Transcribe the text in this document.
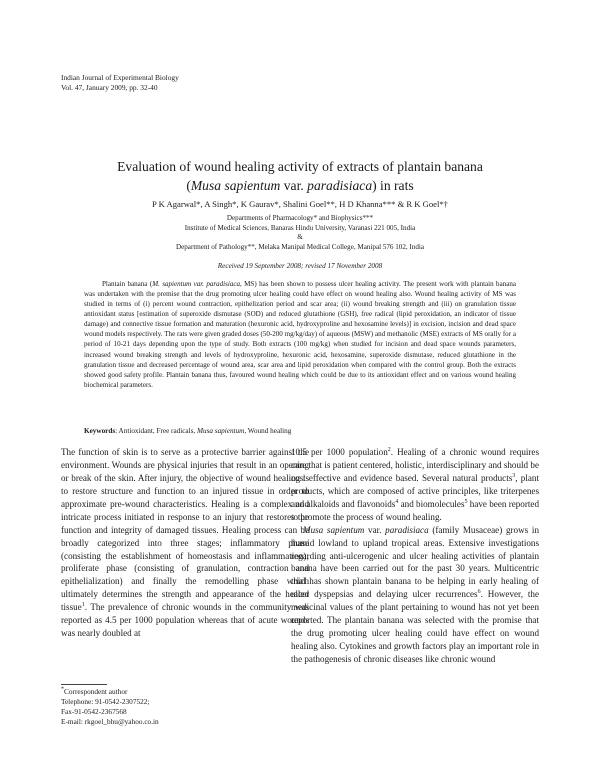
Indian Journal of Experimental Biology
Vol. 47, January 2009, pp. 32-40
Evaluation of wound healing activity of extracts of plantain banana
(Musa sapientum var. paradisiaca) in rats
P K Agarwal*, A Singh*, K Gaurav*, Shalini Goel**, H D Khanna*** & R K Goel*†
Departments of Pharmacology* and Biophysics***
Institute of Medical Sciences, Banaras Hindu University, Varanasi 221 005, India
&
Department of Pathology**, Melaka Manipal Medical College, Manipal 576 102, India
Received 19 September 2008; revised 17 November 2008

Plantain banana (M. sapientum var. paradisiaca, MS) has been shown to possess ulcer healing activity. The present work with plantain banana was undertaken with the premise that the drug promoting ulcer healing could have effect on wound healing also. Wound healing activity of MS was studied in terms of (i) percent wound contraction, epithelization period and scar area; (ii) wound breaking strength and (iii) on granulation tissue antioxidant status [estimation of superoxide dismutase (SOD) and reduced glutathione (GSH), free radical (lipid peroxidation, an indicator of tissue damage) and connective tissue formation and maturation (hexuronic acid, hydroxyproline and hexosamine levels)] in excision, incision and dead space wound models respectively. The rats were given graded doses (50-200 mg/kg/day) of aqueous (MSW) and methanolic (MSE) extracts of MS orally for a period of 10-21 days depending upon the type of study. Both extracts (100 mg/kg) when studied for incision and dead space wounds parameters, increased wound breaking strength and levels of hydroxyproline, hexuronic acid, hexosamine, superoxide dismutase, reduced glutathione in the granulation tissue and decreased percentage of wound area, scar area and lipid peroxidation when compared with the control group. Both the extracts showed good safety profile. Plantain banana thus, favoured wound healing which could be due to its antioxidant effect and on various wound healing biochemical parameters.

Keywords: Antioxidant, Free radicals, Musa sapientum, Wound healing

The function of skin is to serve as a protective barrier against the environment. Wounds are physical injuries that result in an opening or break of the skin. After injury, the objective of wound healing is to restore structure and function to an injured tissue in order to approximate pre-wound characteristics. Healing is a complex and intricate process initiated in response to an injury that restores the function and integrity of damaged tissues. Healing process can be broadly categorized into three stages; inflammatory phase (consisting the establishment of homeostasis and inflammation); proliferate phase (consisting of granulation, contraction and epithelialization) and finally the remodelling phase which ultimately determines the strength and appearance of the healed tissue$^1$. The prevalence of chronic wounds in the community was reported as 4.5 per 1000 population whereas that of acute wounds was nearly doubled at

10.5 per 1000 population$^2$. Healing of a chronic wound requires care that is patient centered, holistic, interdisciplinary and should be cost effective and evidence based. Several natural products$^3$, plant products, which are composed of active principles, like triterpenes and alkaloids and flavonoids$^4$ and biomolecules$^5$ have been reported to promote the process of wound healing.

Musa sapientum var. paradisiaca (family Musaceae) grows in humid lowland to upland tropical areas. Extensive investigations regarding anti-ulcerogenic and ulcer healing activities of plantain banana have been carried out for the past 30 years. Multicentric trial has shown plantain banana to be helping in early healing of ulcer dyspepsias and delaying ulcer recurrences$^6$. However, the medicinal values of the plant pertaining to wound has not yet been reported. The plantain banana was selected with the promise that the drug promoting ulcer healing could have effect on wound healing also. Cytokines and growth factors play an important role in the pathogenesis of chronic diseases like chronic wound

*Correspondent author
Telephone: 91-0542-2307522;
Fax-91-0542-2367568
E-mail: rkgoel_bhu@yahoo.co.in
